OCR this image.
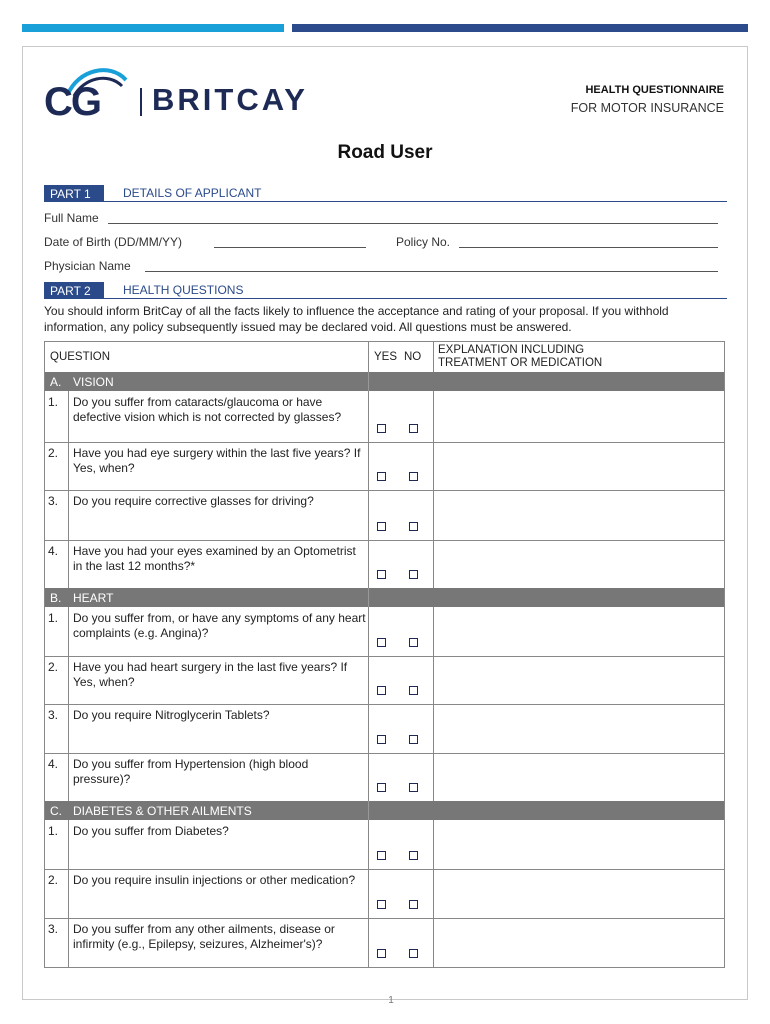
CG BRITCAY	HEALTH QUESTIONNAIRE
FOR MOTOR INSURANCE
Road User
PART 1	DETAILS OF APPLICANT
Full Name
Date of Birth (DD/MM/YY)	Policy No.
Physician Name
PART 2	HEALTH QUESTIONS
You should inform BritCay of all the facts likely to influence the acceptance and rating of your proposal. If you withhold information, any policy subsequently issued may be declared void. All questions must be answered.
QUESTION	YES NO
EXPLANATION INCLUDING
TREATMENT OR MEDICATION
A. VISION
1. Do you suffer from cataracts/glaucoma or have defective vision which is not corrected by glasses?
2. Have you had eye surgery within the last five years? If Yes, when?
3. Do you require corrective glasses for driving?
4. Have you had your eyes examined by an Optometrist in the last 12 months?*
B. HEART
1. Do you suffer from, or have any symptoms of any heart complaints (e.g. Angina)?
2. Have you had heart surgery in the last five years? If Yes, when?
3. Do you require Nitroglycerin Tablets?
4. Do you suffer from Hypertension (high blood pressure)?
C. DIABETES & OTHER AILMENTS
1. Do you suffer from Diabetes?
2. Do you require insulin injections or other medication?
3. Do you suffer from any other ailments, disease or infirmity (e.g., Epilepsy, seizures, Alzheimer's)?
1
